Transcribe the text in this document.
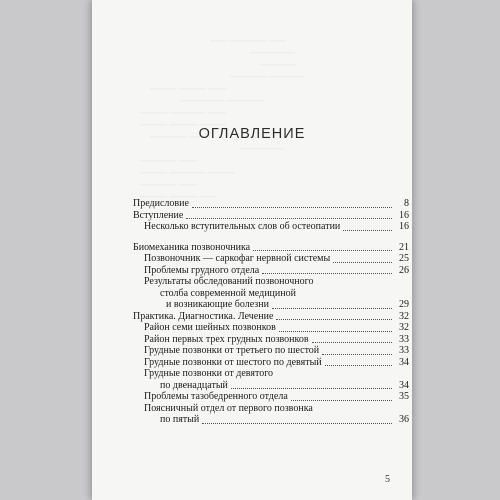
—— ———— ——
—————
————
———— ————
——— ——— ——
————— ————
——— ———— ——
——— ——— ———
———— ——
—————
———— ——
——— ———— ———
———— ——
——— ——— ——
ОГЛАВЛЕНИЕ
Предисловие	8
Вступление	16
Несколько вступительных слов об остеопатии	16
Биомеханика позвоночника	21
Позвоночник — саркофаг нервной системы	25
Проблемы грудного отдела	26
Результаты обследований позвоночного
столба современной медициной
и возникающие болезни	29
Практика. Диагностика. Лечение	32
Район семи шейных позвонков	32
Район первых трех грудных позвонков	33
Грудные позвонки от третьего по шестой	33
Грудные позвонки от шестого по девятый	34
Грудные позвонки от девятого
по двенадцатый	34
Проблемы тазобедренного отдела	35
Поясничный отдел от первого позвонка
по пятый	36
5
